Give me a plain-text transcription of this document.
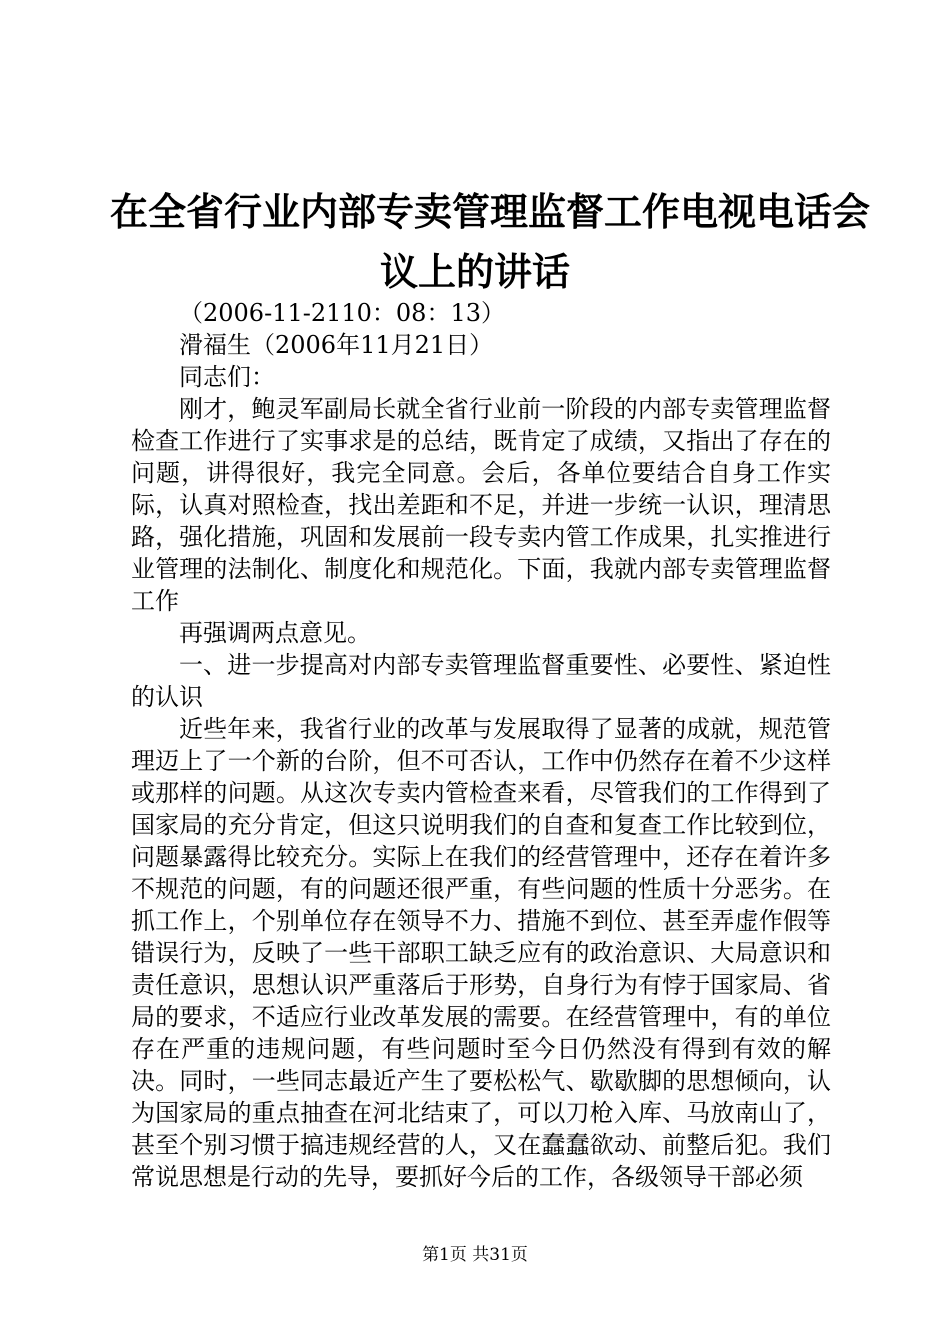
在全省行业内部专卖管理监督工作电视电话会
议上的讲话

（2006-11-2110：08：13）

滑福生（2006年11月21日）

同志们：

刚才，鲍灵军副局长就全省行业前一阶段的内部专卖管理监督检查工作进行了实事求是的总结，既肯定了成绩，又指出了存在的问题，讲得很好，我完全同意。会后，各单位要结合自身工作实际，认真对照检查，找出差距和不足，并进一步统一认识，理清思路，强化措施，巩固和发展前一段专卖内管工作成果，扎实推进行业管理的法制化、制度化和规范化。下面，我就内部专卖管理监督工作

再强调两点意见。

一、进一步提高对内部专卖管理监督重要性、必要性、紧迫性的认识

近些年来，我省行业的改革与发展取得了显著的成就，规范管理迈上了一个新的台阶，但不可否认，工作中仍然存在着不少这样或那样的问题。从这次专卖内管检查来看，尽管我们的工作得到了国家局的充分肯定，但这只说明我们的自查和复查工作比较到位，问题暴露得比较充分。实际上在我们的经营管理中，还存在着许多不规范的问题，有的问题还很严重，有些问题的性质十分恶劣。在抓工作上，个别单位存在领导不力、措施不到位、甚至弄虚作假等错误行为，反映了一些干部职工缺乏应有的政治意识、大局意识和责任意识，思想认识严重落后于形势，自身行为有悖于国家局、省局的要求，不适应行业改革发展的需要。在经营管理中，有的单位存在严重的违规问题，有些问题时至今日仍然没有得到有效的解决。同时，一些同志最近产生了要松松气、歇歇脚的思想倾向，认为国家局的重点抽查在河北结束了，可以刀枪入库、马放南山了，甚至个别习惯于搞违规经营的人，又在蠢蠢欲动、前整后犯。我们常说思想是行动的先导，要抓好今后的工作，各级领导干部必须

第1页 共31页
